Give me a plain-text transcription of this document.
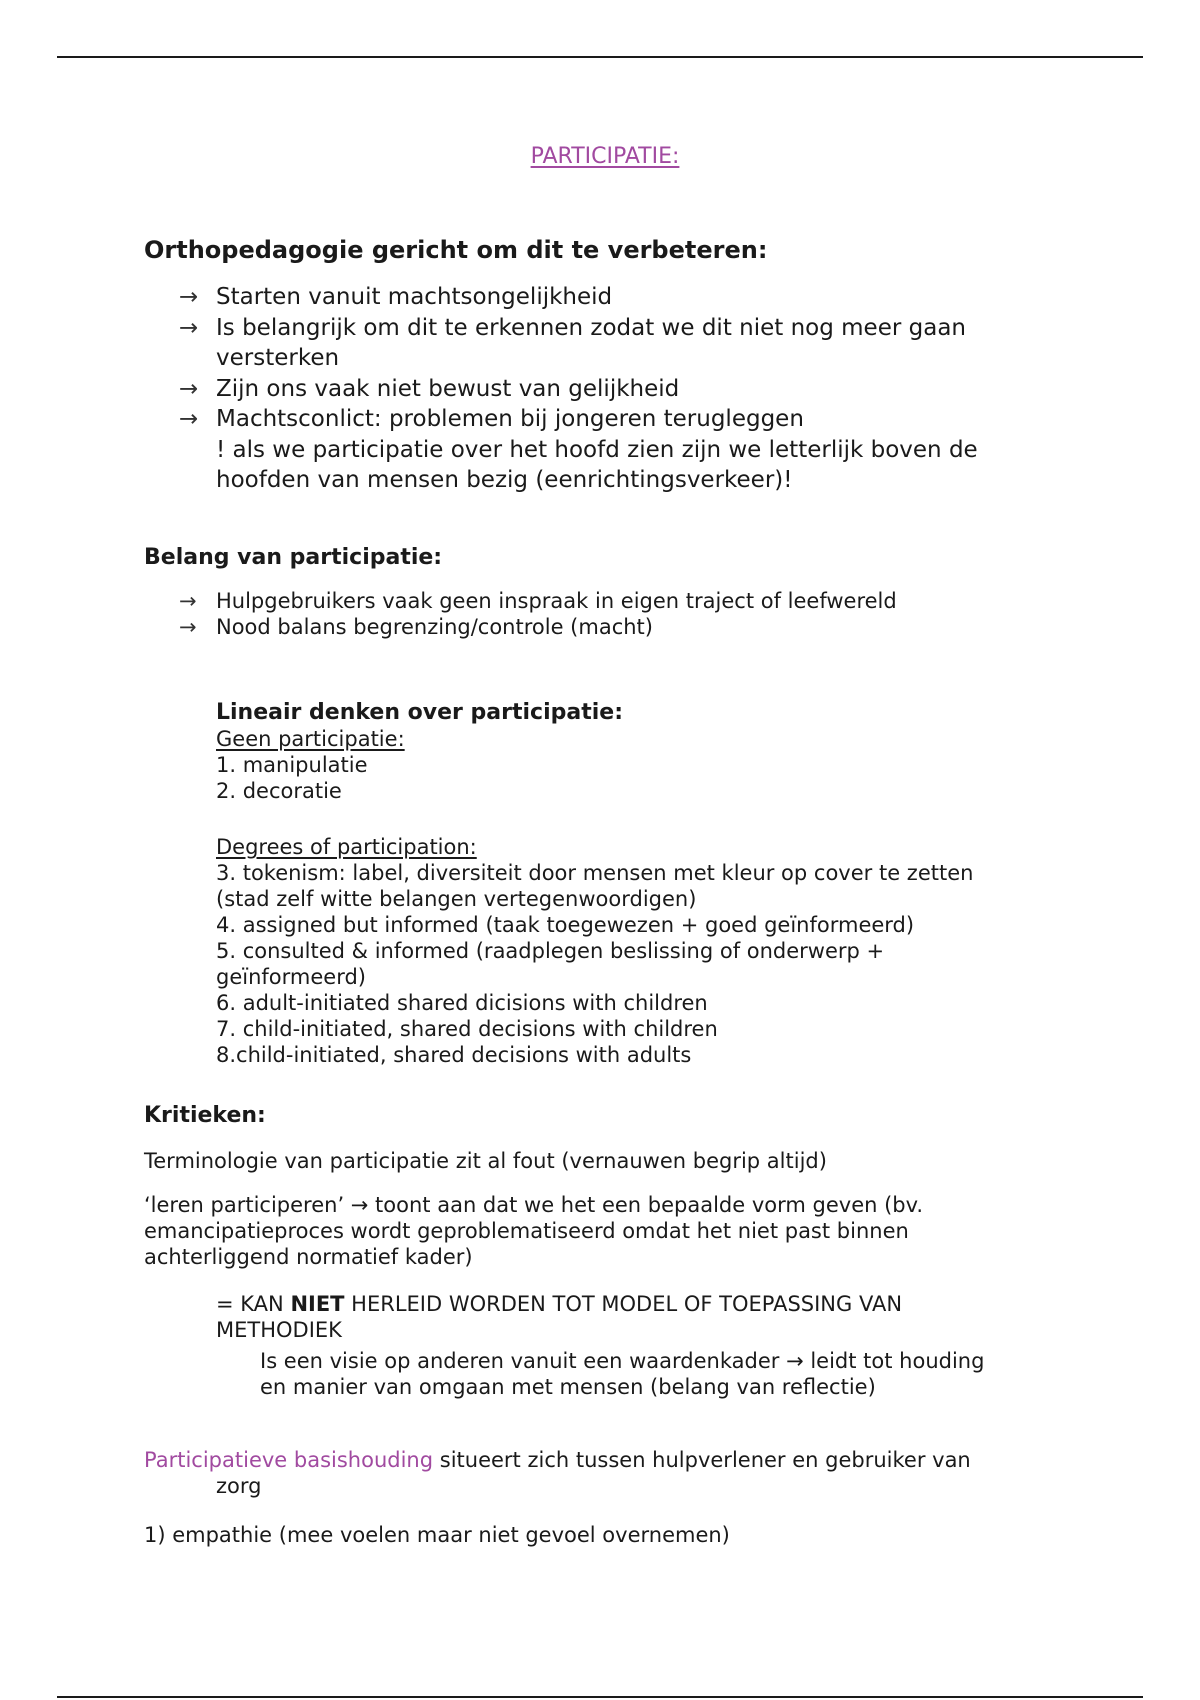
PARTICIPATIE:
Orthopedagogie gericht om dit te verbeteren:
→ Starten vanuit machtsongelijkheid
→ Is belangrijk om dit te erkennen zodat we dit niet nog meer gaan
versterken
→ Zijn ons vaak niet bewust van gelijkheid
→ Machtsconlict: problemen bij jongeren terugleggen
! als we participatie over het hoofd zien zijn we letterlijk boven de
hoofden van mensen bezig (eenrichtingsverkeer)!
Belang van participatie:
→ Hulpgebruikers vaak geen inspraak in eigen traject of leefwereld
→ Nood balans begrenzing/controle (macht)
Lineair denken over participatie:
Geen participatie:
1. manipulatie
2. decoratie
Degrees of participation:
3. tokenism: label, diversiteit door mensen met kleur op cover te zetten
(stad zelf witte belangen vertegenwoordigen)
4. assigned but informed (taak toegewezen + goed geïnformeerd)
5. consulted & informed (raadplegen beslissing of onderwerp +
geïnformeerd)
6. adult-initiated shared dicisions with children
7. child-initiated, shared decisions with children
8.child-initiated, shared decisions with adults
Kritieken:
Terminologie van participatie zit al fout (vernauwen begrip altijd)
‘leren participeren’ → toont aan dat we het een bepaalde vorm geven (bv.
emancipatieproces wordt geproblematiseerd omdat het niet past binnen
achterliggend normatief kader)
= KAN NIET HERLEID WORDEN TOT MODEL OF TOEPASSING VAN
METHODIEK
Is een visie op anderen vanuit een waardenkader → leidt tot houding
en manier van omgaan met mensen (belang van reflectie)
Participatieve basishouding situeert zich tussen hulpverlener en gebruiker van
zorg
1) empathie (mee voelen maar niet gevoel overnemen)
